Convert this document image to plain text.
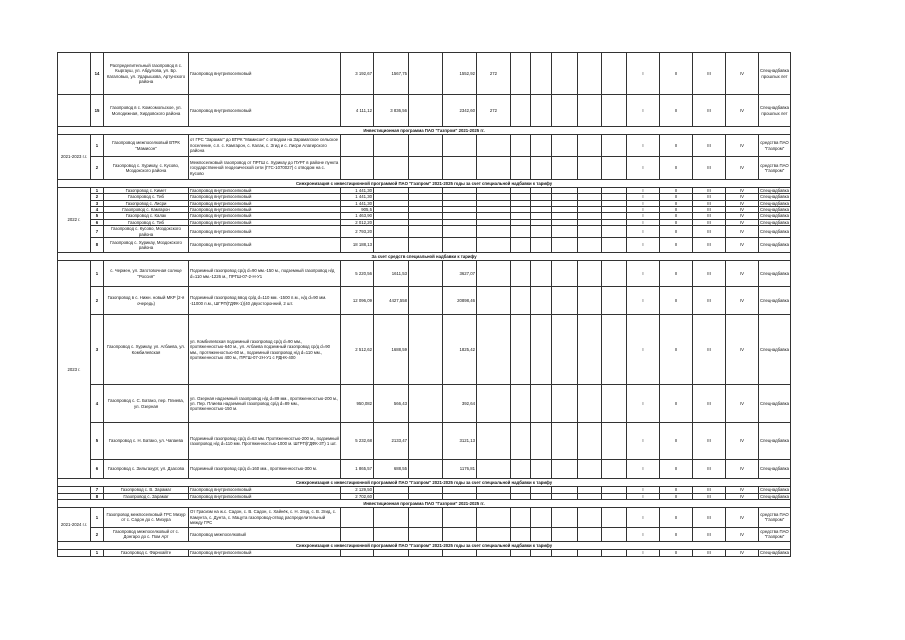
	14	Распределительный газопровод в с. Кыргауш, ул. Абдулова, ул. Бр. Кагаловых, ул. Ударышова, Артунского района	Газопровод внутрипоселковый	3 192,67	1567,75		1552,92	272						I	II	III	IV	Спецнадбавка прошлых лет
	15	Газопровод в с. Комсомольское, ул. Молодежная, Хирдовского района	Газопровод внутрипоселковый	4 111,12	3 836,56		2342,60	272						I	II	III	IV	Спецнадбавка прошлых лет
Инвестиционная программа ПАО "Газпром" 2021-2025 гг.																		
2021-2023 г.г.	1	Газопровод межпоселковый ВТРК "Мамисон"	от ГРС "Зарамаг" до ВТРК "Мамисон" с отводом на Зарамагское сельское поселение, с.п. с. Камгарон, с. Калак, с. Згид и с. Лисри Алагирского района											I	II	III	IV	средства ПАО "Газпром"
	2	Газопровод с. Хурикау, с. Кусово, Моздокского района	Межпоселковый газопровод от ПРГШ с. Хурикау до ПУРГ в районе пункта государственной геодезической сети (ГГС-1070027) с отводом на с. Кусово											I	II	III	IV	средства ПАО "Газпром"
Синхронизация с инвестиционной программой ПАО "Газпром" 2021-2025 годы за счет специальной надбавки к тарифу																		
2022 г.	1	Газопровод с. Кимет	Газопровод внутрипоселковый	1 441,30										I	II	III	IV	Спецнадбавка
	2	Газопровод с. Тиб	Газопровод внутрипоселковый	1 441,30										I	II	III	IV	Спецнадбавка
	3	Газопровод с. Лисри	Газопровод внутрипоселковый	1 441,30										I	II	III	IV	Спецнадбавка
	4	Газопровод с. Камгарон	Газопровод внутрипоселковый	905,5										I	II	III	IV	Спецнадбавка
	5	Газопровод с. Калак	Газопровод внутрипоселковый	1 463,90										I	II	III	IV	Спецнадбавка
	6	Газопровод с. Тиб	Газопровод внутрипоселковый	2 012,20										I	II	III	IV	Спецнадбавка
	7	Газопровод с. Кусово, Моздокского района	Газопровод внутрипоселковый	2 793,20										I	II	III	IV	Спецнадбавка
	8	Газопровод с. Хурикау, Моздокского района	Газопровод внутрипоселковый	18 188,13										I	II	III	IV	Спецнадбавка
За счет средств специальной надбавки к тарифу																		
2023 г.	1	с. Чермен, ул. Заготовочная солнце "Россия"	Подземный газопровод ср/д d=90 мм.-150 м., подземный газопровод н/д d=110 мм.-1226 м., ПРГШ-07-2-Н-У1	5 220,56	1611,53		3627,07							I	II	III	IV	Спецнадбавка
	2	Газопровод в с. Нижн. новый МКР (2-я очередь)	Подземный газопровод ввод ср/д d=110 мм. -1500 п.м., н/д d=90 мм. -11000 п.м., ШГРП(ГДФК-1)(40 двухсторонний, 2 шт.	12 096,09	4427,558		20898,46							I	II	III	IV	Спецнадбавка
	3	Газопровод с. Хурикау, ул. Агбаева, ул. Комбилевская	ул. Комбилевская подземный газопровод ср/д d=90 мм., протяженностью-640 м., ул. Агбаева подземный газопровод ср/д d=90 мм., протяженностью-60 м., подземный газопровод н/д d=110 мм., протяженностью 400 м., ПРГШ-07-2Н-У1 с РДНК-400	2 512,62	1688,59		1825,42							I	II	III	IV	Спецнадбавка
	4	Газопровод с. С. Батако, пер. Плиева, ул. Озерная	ул. Озерная надземный газопровод н/д d=89 мм., протяженностью-200 м., ул. Пер. Плиева надземный газопровод ср/д d=89 мм., протяженностью-150 м.	950,082	566,43		392,64							I	II	III	IV	Спецнадбавка
	5	Газопровод с. Н. Батако, ул. Чапаева	Подземный газопровод ср/д d=63 мм. Протяженностью-200 м., подземный газопровод н/д d=110 мм. Протяженностью-1000 м. ШГРП(ГДФК-3Т) 1 шт.	5 232,68	2133,47		3121,13							I	II	III	IV	Спецнадбавка
	6	Газопровод с. Зильгахурт, ул. Дзасова	Подземный газопровод ср/д d=160 мм., протяженностью-300 м.	1 865,57	688,55		1176,81							I	II	III	IV	Спецнадбавка
Синхронизация с инвестиционной программой ПАО "Газпром" 2021-2025 годы за счет специальной надбавки к тарифу																		
	7	Газопровод с. В. Зарамаг	Газопровод внутрипоселковый	2 129,50										I	II	III	IV	Спецнадбавка
	8	Газопровод с. Зарамаг	Газопровод внутрипоселковый	2 702,60										I	II	III	IV	Спецнадбавка
Инвестиционная программа ПАО "Газпром" 2021-2025 гг.																		
2021-2024 г.г.	1	Газопровод межпоселковый ГРС Мизур от с. Садон до с. Мизура	От Грасизм на ж.с. Садон, с. В. Садон, с. Хайнёк, с. Н. Згид, с. В. Згид, с. Камунта, с. Дунта, с. Мацута газопровод-отвод распределительный между ГРС											I	II	III	IV	средства ПАО "Газпром"
	2	Газопровод межпоселковый от с. Донгаро до с. Пом Арт	Газопровод межпоселковый											I	II	III	IV	средства ПАО "Газпром"
Синхронизация с инвестиционной программой ПАО "Газпром" 2021-2025 годы за счет специальной надбавки к тарифу																		
	1	Газопровод с. Фарнхайте	Газопровод внутрипоселковый											I	II	III	IV	Спецнадбавка
